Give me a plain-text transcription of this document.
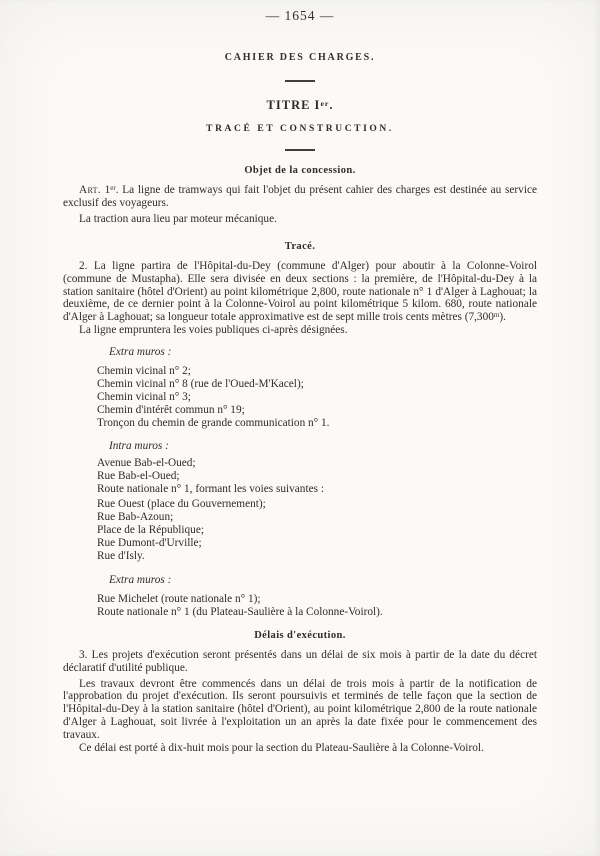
— 1654 —
CAHIER DES CHARGES.
TITRE Ier.
TRACÉ ET CONSTRUCTION.
Objet de la concession.

Art. 1er. La ligne de tramways qui fait l'objet du présent cahier des charges est destinée au service exclusif des voyageurs.

La traction aura lieu par moteur mécanique.

Tracé.

2. La ligne partira de l'Hôpital-du-Dey (commune d'Alger) pour aboutir à la Colonne-Voirol (commune de Mustapha). Elle sera divisée en deux sections : la première, de l'Hôpital-du-Dey à la station sanitaire (hôtel d'Orient) au point kilométrique 2,800, route nationale n° 1 d'Alger à Laghouat; la deuxième, de ce dernier point à la Colonne-Voirol au point kilométrique 5 kilom. 680, route nationale d'Alger à Laghouat; sa longueur totale approximative est de sept mille trois cents mètres (7,300$^m$).

La ligne empruntera les voies publiques ci-après désignées.

Extra muros :
Chemin vicinal n° 2;
Chemin vicinal n° 8 (rue de l'Oued-M'Kacel);
Chemin vicinal n° 3;
Chemin d'intérêt commun n° 19;
Tronçon du chemin de grande communication n° 1.
Intra muros :
Avenue Bab-el-Oued;
Rue Bab-el-Oued;
Route nationale n° 1, formant les voies suivantes :
Rue Ouest (place du Gouvernement);
Rue Bab-Azoun;
Place de la République;
Rue Dumont-d'Urville;
Rue d'Isly.
Extra muros :
Rue Michelet (route nationale n° 1);
Route nationale n° 1 (du Plateau-Saulière à la Colonne-Voirol).
Délais d'exécution.

3. Les projets d'exécution seront présentés dans un délai de six mois à partir de la date du décret déclaratif d'utilité publique.

Les travaux devront être commencés dans un délai de trois mois à partir de la notification de l'approbation du projet d'exécution. Ils seront poursuivis et terminés de telle façon que la section de l'Hôpital-du-Dey à la station sanitaire (hôtel d'Orient), au point kilométrique 2,800 de la route nationale d'Alger à Laghouat, soit livrée à l'exploitation un an après la date fixée pour le commencement des travaux.

Ce délai est porté à dix-huit mois pour la section du Plateau-Saulière à la Colonne-Voirol.
